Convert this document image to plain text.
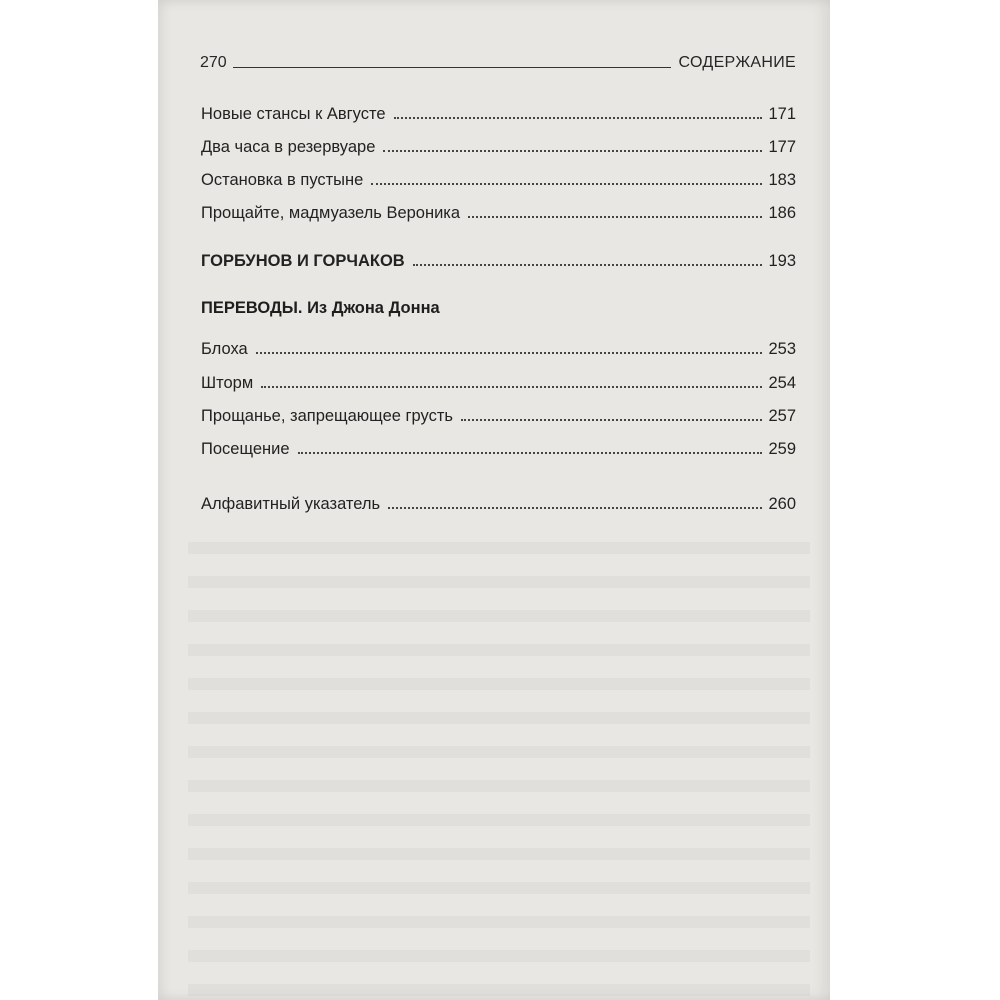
270	СОДЕРЖАНИЕ
Новые стансы к Августе	171
Два часа в резервуаре	177
Остановка в пустыне	183
Прощайте, мадмуазель Вероника	186
ГОРБУНОВ И ГОРЧАКОВ	193
ПЕРЕВОДЫ. Из Джона Донна
Блоха	253
Шторм	254
Прощанье, запрещающее грусть	257
Посещение	259
Алфавитный указатель	260
